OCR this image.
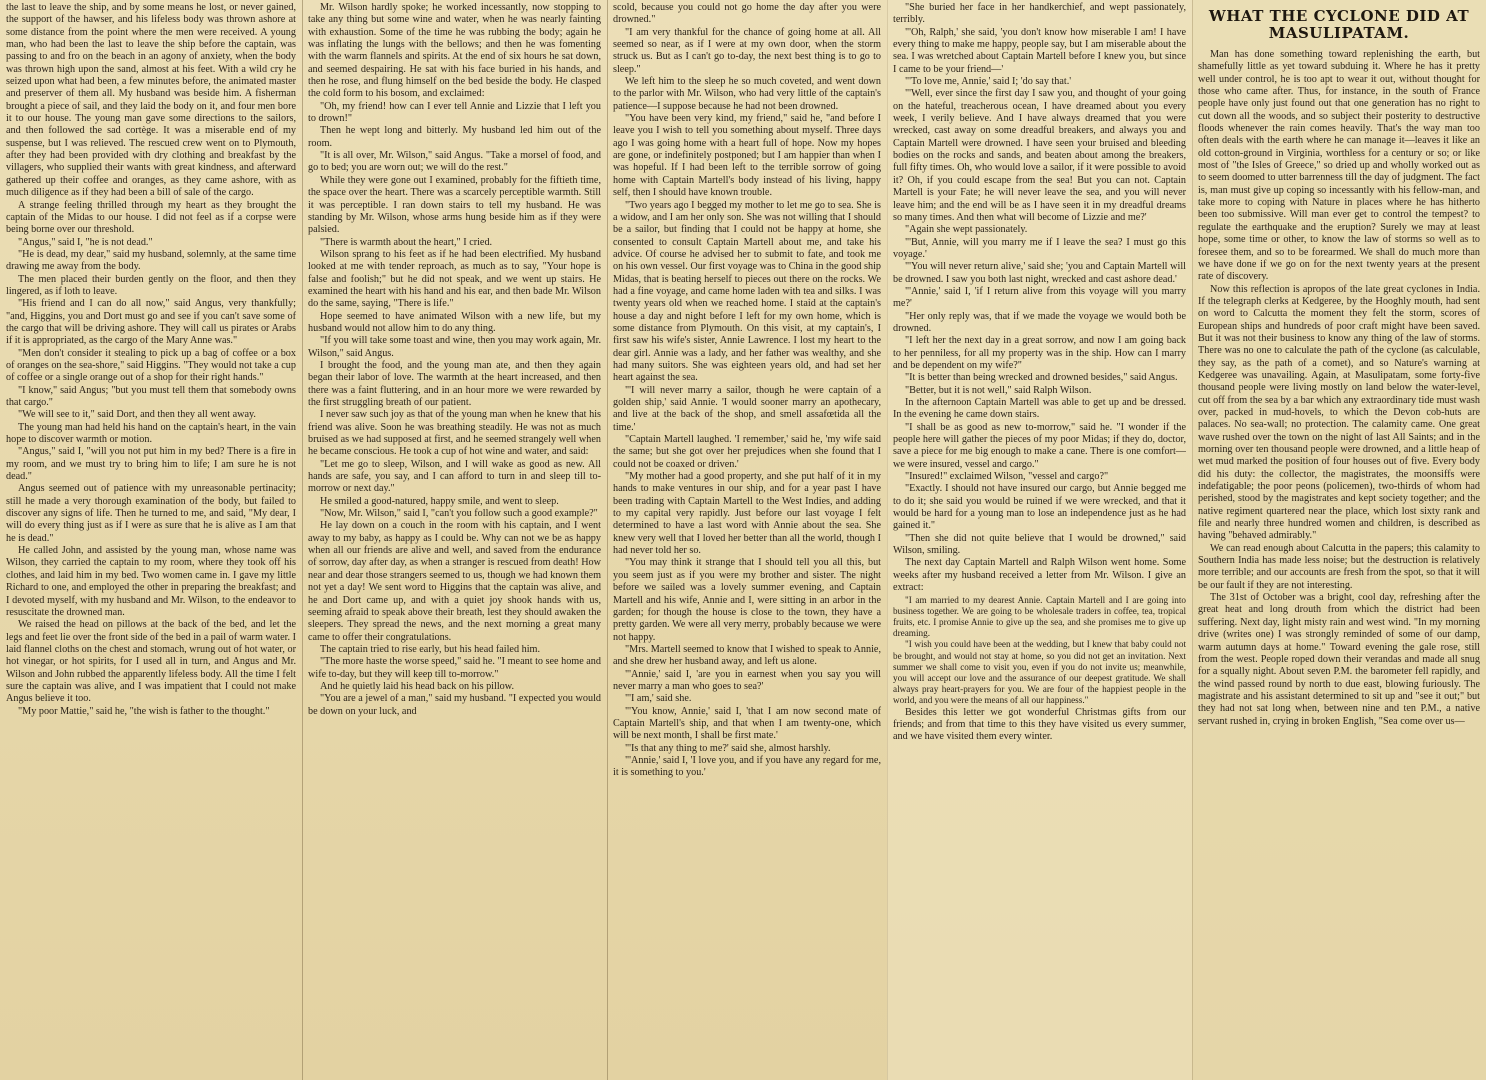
the last to leave the ship, and by some means he lost, or never gained, the support of the hawser, and his lifeless body was thrown ashore at some distance from the point where the men were received. A young man, who had been the last to leave the ship before the captain, was passing to and fro on the beach in an agony of anxiety, when the body was thrown high upon the sand, almost at his feet. With a wild cry he seized upon what had been, a few minutes before, the animated master and preserver of them all. My husband was beside him. A fisherman brought a piece of sail, and they laid the body on it, and four men bore it to our house. The young man gave some directions to the sailors, and then followed the sad cortège. It was a miserable end of my suspense, but I was relieved. The rescued crew went on to Plymouth, after they had been provided with dry clothing and breakfast by the villagers, who supplied their wants with great kindness, and afterward gathered up their coffee and oranges, as they came ashore, with as much diligence as if they had been a bill of sale of the cargo.

A strange feeling thrilled through my heart as they brought the captain of the Midas to our house. I did not feel as if a corpse were being borne over our threshold.

"Angus," said I, "he is not dead."

"He is dead, my dear," said my husband, solemnly, at the same time drawing me away from the body.

The men placed their burden gently on the floor, and then they lingered, as if loth to leave.

"His friend and I can do all now," said Angus, very thankfully; "and, Higgins, you and Dort must go and see if you can't save some of the cargo that will be driving ashore. They will call us pirates or Arabs if it is appropriated, as the cargo of the Mary Anne was."

"Men don't consider it stealing to pick up a bag of coffee or a box of oranges on the sea-shore," said Higgins. "They would not take a cup of coffee or a single orange out of a shop for their right hands."

"I know," said Angus; "but you must tell them that somebody owns that cargo."

"We will see to it," said Dort, and then they all went away.

The young man had held his hand on the captain's heart, in the vain hope to discover warmth or motion.

"Angus," said I, "will you not put him in my bed? There is a fire in my room, and we must try to bring him to life; I am sure he is not dead."

Angus seemed out of patience with my unreasonable pertinacity; still he made a very thorough examination of the body, but failed to discover any signs of life. Then he turned to me, and said, "My dear, I will do every thing just as if I were as sure that he is alive as I am that he is dead."

He called John, and assisted by the young man, whose name was Wilson, they carried the captain to my room, where they took off his clothes, and laid him in my bed. Two women came in. I gave my little Richard to one, and employed the other in preparing the breakfast; and I devoted myself, with my husband and Mr. Wilson, to the endeavor to resuscitate the drowned man.

We raised the head on pillows at the back of the bed, and let the legs and feet lie over the front side of the bed in a pail of warm water. I laid flannel cloths on the chest and stomach, wrung out of hot water, or hot vinegar, or hot spirits, for I used all in turn, and Angus and Mr. Wilson and John rubbed the apparently lifeless body. All the time I felt sure the captain was alive, and I was impatient that I could not make Angus believe it too.

"My poor Mattie," said he, "the wish is father to the thought."

Mr. Wilson hardly spoke; he worked incessantly, now stopping to take any thing but some wine and water, when he was nearly fainting with exhaustion. Some of the time he was rubbing the body; again he was inflating the lungs with the bellows; and then he was fomenting with the warm flannels and spirits. At the end of six hours he sat down, and seemed despairing. He sat with his face buried in his hands, and then he rose, and flung himself on the bed beside the body. He clasped the cold form to his bosom, and exclaimed:

"Oh, my friend! how can I ever tell Annie and Lizzie that I left you to drown!"

Then he wept long and bitterly. My husband led him out of the room.

"It is all over, Mr. Wilson," said Angus. "Take a morsel of food, and go to bed; you are worn out; we will do the rest."

While they were gone out I examined, probably for the fiftieth time, the space over the heart. There was a scarcely perceptible warmth. Still it was perceptible. I ran down stairs to tell my husband. He was standing by Mr. Wilson, whose arms hung beside him as if they were palsied.

"There is warmth about the heart," I cried.

Wilson sprang to his feet as if he had been electrified. My husband looked at me with tender reproach, as much as to say, "Your hope is false and foolish;" but he did not speak, and we went up stairs. He examined the heart with his hand and his ear, and then bade Mr. Wilson do the same, saying, "There is life."

Hope seemed to have animated Wilson with a new life, but my husband would not allow him to do any thing.

"If you will take some toast and wine, then you may work again, Mr. Wilson," said Angus.

I brought the food, and the young man ate, and then they again began their labor of love. The warmth at the heart increased, and then there was a faint fluttering, and in an hour more we were rewarded by the first struggling breath of our patient.

I never saw such joy as that of the young man when he knew that his friend was alive. Soon he was breathing steadily. He was not as much bruised as we had supposed at first, and he seemed strangely well when he became conscious. He took a cup of hot wine and water, and said:

"Let me go to sleep, Wilson, and I will wake as good as new. All hands are safe, you say, and I can afford to turn in and sleep till to-morrow or next day."

He smiled a good-natured, happy smile, and went to sleep.

"Now, Mr. Wilson," said I, "can't you follow such a good example?"

He lay down on a couch in the room with his captain, and I went away to my baby, as happy as I could be. Why can not we be as happy when all our friends are alive and well, and saved from the endurance of sorrow, day after day, as when a stranger is rescued from death! How near and dear those strangers seemed to us, though we had known them not yet a day! We sent word to Higgins that the captain was alive, and he and Dort came up, and with a quiet joy shook hands with us, seeming afraid to speak above their breath, lest they should awaken the sleepers. They spread the news, and the next morning a great many came to offer their congratulations.

The captain tried to rise early, but his head failed him.

"The more haste the worse speed," said he. "I meant to see home and wife to-day, but they will keep till to-morrow."

And he quietly laid his head back on his pillow.

"You are a jewel of a man," said my husband. "I expected you would be down on your luck, and

scold, because you could not go home the day after you were drowned."

"I am very thankful for the chance of going home at all. All seemed so near, as if I were at my own door, when the storm struck us. But as I can't go to-day, the next best thing is to go to sleep."

We left him to the sleep he so much coveted, and went down to the parlor with Mr. Wilson, who had very little of the captain's patience—I suppose because he had not been drowned.

"You have been very kind, my friend," said he, "and before I leave you I wish to tell you something about myself. Three days ago I was going home with a heart full of hope. Now my hopes are gone, or indefinitely postponed; but I am happier than when I was hopeful. If I had been left to the terrible sorrow of going home with Captain Martell's body instead of his living, happy self, then I should have known trouble.

"Two years ago I begged my mother to let me go to sea. She is a widow, and I am her only son. She was not willing that I should be a sailor, but finding that I could not be happy at home, she consented to consult Captain Martell about me, and take his advice. Of course he advised her to submit to fate, and took me on his own vessel. Our first voyage was to China in the good ship Midas, that is beating herself to pieces out there on the rocks. We had a fine voyage, and came home laden with tea and silks. I was twenty years old when we reached home. I staid at the captain's house a day and night before I left for my own home, which is some distance from Plymouth. On this visit, at my captain's, I first saw his wife's sister, Annie Lawrence. I lost my heart to the dear girl. Annie was a lady, and her father was wealthy, and she had many suitors. She was eighteen years old, and had set her heart against the sea.

"'I will never marry a sailor, though he were captain of a golden ship,' said Annie. 'I would sooner marry an apothecary, and live at the back of the shop, and smell assafœtida all the time.'

"Captain Martell laughed. 'I remember,' said he, 'my wife said the same; but she got over her prejudices when she found that I could not be coaxed or driven.'

"My mother had a good property, and she put half of it in my hands to make ventures in our ship, and for a year past I have been trading with Captain Martell to the West Indies, and adding to my capital very rapidly. Just before our last voyage I felt determined to have a last word with Annie about the sea. She knew very well that I loved her better than all the world, though I had never told her so.

"You may think it strange that I should tell you all this, but you seem just as if you were my brother and sister. The night before we sailed was a lovely summer evening, and Captain Martell and his wife, Annie and I, were sitting in an arbor in the garden; for though the house is close to the town, they have a pretty garden. We were all very merry, probably because we were not happy.

"Mrs. Martell seemed to know that I wished to speak to Annie, and she drew her husband away, and left us alone.

"'Annie,' said I, 'are you in earnest when you say you will never marry a man who goes to sea?'

"'I am,' said she.

"'You know, Annie,' said I, 'that I am now second mate of Captain Martell's ship, and that when I am twenty-one, which will be next month, I shall be first mate.'

"'Is that any thing to me?' said she, almost harshly.

"'Annie,' said I, 'I love you, and if you have any regard for me, it is something to you.'

"She buried her face in her handkerchief, and wept passionately, terribly.

"'Oh, Ralph,' she said, 'you don't know how miserable I am! I have every thing to make me happy, people say, but I am miserable about the sea. I was wretched about Captain Martell before I knew you, but since I came to be your friend—'

"'To love me, Annie,' said I; 'do say that.'

"'Well, ever since the first day I saw you, and thought of your going on the hateful, treacherous ocean, I have dreamed about you every week, I verily believe. And I have always dreamed that you were wrecked, cast away on some dreadful breakers, and always you and Captain Martell were drowned. I have seen your bruised and bleeding bodies on the rocks and sands, and beaten about among the breakers, full fifty times. Oh, who would love a sailor, if it were possible to avoid it? Oh, if you could escape from the sea! But you can not. Captain Martell is your Fate; he will never leave the sea, and you will never leave him; and the end will be as I have seen it in my dreadful dreams so many times. And then what will become of Lizzie and me?'

"Again she wept passionately.

"'But, Annie, will you marry me if I leave the sea? I must go this voyage.'

"'You will never return alive,' said she; 'you and Captain Martell will be drowned. I saw you both last night, wrecked and cast ashore dead.'

"'Annie,' said I, 'if I return alive from this voyage will you marry me?'

"Her only reply was, that if we made the voyage we would both be drowned.

"I left her the next day in a great sorrow, and now I am going back to her penniless, for all my property was in the ship. How can I marry and be dependent on my wife?"

"It is better than being wrecked and drowned besides," said Angus.

"Better, but it is not well," said Ralph Wilson.

In the afternoon Captain Martell was able to get up and be dressed. In the evening he came down stairs.

"I shall be as good as new to-morrow," said he. "I wonder if the people here will gather the pieces of my poor Midas; if they do, doctor, save a piece for me big enough to make a cane. There is one comfort—we were insured, vessel and cargo."

"Insured!" exclaimed Wilson, "vessel and cargo?"

"Exactly. I should not have insured our cargo, but Annie begged me to do it; she said you would be ruined if we were wrecked, and that it would be hard for a young man to lose an independence just as he had gained it."

"Then she did not quite believe that I would be drowned," said Wilson, smiling.

The next day Captain Martell and Ralph Wilson went home. Some weeks after my husband received a letter from Mr. Wilson. I give an extract:

"I am married to my dearest Annie. Captain Martell and I are going into business together. We are going to be wholesale traders in coffee, tea, tropical fruits, etc. I promise Annie to give up the sea, and she promises me to give up dreaming.

"I wish you could have been at the wedding, but I knew that baby could not be brought, and would not stay at home, so you did not get an invitation. Next summer we shall come to visit you, even if you do not invite us; meanwhile, you will accept our love and the assurance of our deepest gratitude. We shall always pray heart-prayers for you. We are four of the happiest people in the world, and you were the means of all our happiness."

Besides this letter we got wonderful Christmas gifts from our friends; and from that time to this they have visited us every summer, and we have visited them every winter.

WHAT THE CYCLONE DID AT MASULIPATAM.

Man has done something toward replenishing the earth, but shamefully little as yet toward subduing it. Where he has it pretty well under control, he is too apt to wear it out, without thought for those who came after. Thus, for instance, in the south of France people have only just found out that one generation has no right to cut down all the woods, and so subject their posterity to destructive floods whenever the rain comes heavily. That's the way man too often deals with the earth where he can manage it—leaves it like an old cotton-ground in Virginia, worthless for a century or so; or like most of "the Isles of Greece," so dried up and wholly worked out as to seem doomed to utter barrenness till the day of judgment. The fact is, man must give up coping so incessantly with his fellow-man, and take more to coping with Nature in places where he has hitherto been too submissive. Will man ever get to control the tempest? to regulate the earthquake and the eruption? Surely we may at least hope, some time or other, to know the law of storms so well as to foresee them, and so to be forearmed. We shall do much more than we have done if we go on for the next twenty years at the present rate of discovery.

Now this reflection is apropos of the late great cyclones in India. If the telegraph clerks at Kedgeree, by the Hooghly mouth, had sent on word to Calcutta the moment they felt the storm, scores of European ships and hundreds of poor craft might have been saved. But it was not their business to know any thing of the law of storms. There was no one to calculate the path of the cyclone (as calculable, they say, as the path of a comet), and so Nature's warning at Kedgeree was unavailing. Again, at Masulipatam, some forty-five thousand people were living mostly on land below the water-level, cut off from the sea by a bar which any extraordinary tide must wash over, packed in mud-hovels, to which the Devon cob-huts are palaces. No sea-wall; no protection. The calamity came. One great wave rushed over the town on the night of last All Saints; and in the morning over ten thousand people were drowned, and a little heap of wet mud marked the position of four houses out of five. Every body did his duty: the collector, the magistrates, the moonsiffs were indefatigable; the poor peons (policemen), two-thirds of whom had perished, stood by the magistrates and kept society together; and the native regiment quartered near the place, which lost sixty rank and file and nearly three hundred women and children, is described as having "behaved admirably."

We can read enough about Calcutta in the papers; this calamity to Southern India has made less noise; but the destruction is relatively more terrible; and our accounts are fresh from the spot, so that it will be our fault if they are not interesting.

The 31st of October was a bright, cool day, refreshing after the great heat and long drouth from which the district had been suffering. Next day, light misty rain and west wind. "In my morning drive (writes one) I was strongly reminded of some of our damp, warm autumn days at home." Toward evening the gale rose, still from the west. People roped down their verandas and made all snug for a squally night. About seven P.M. the barometer fell rapidly, and the wind passed round by north to due east, blowing furiously. The magistrate and his assistant determined to sit up and "see it out;" but they had not sat long when, between nine and ten P.M., a native servant rushed in, crying in broken English, "Sea come over us—
